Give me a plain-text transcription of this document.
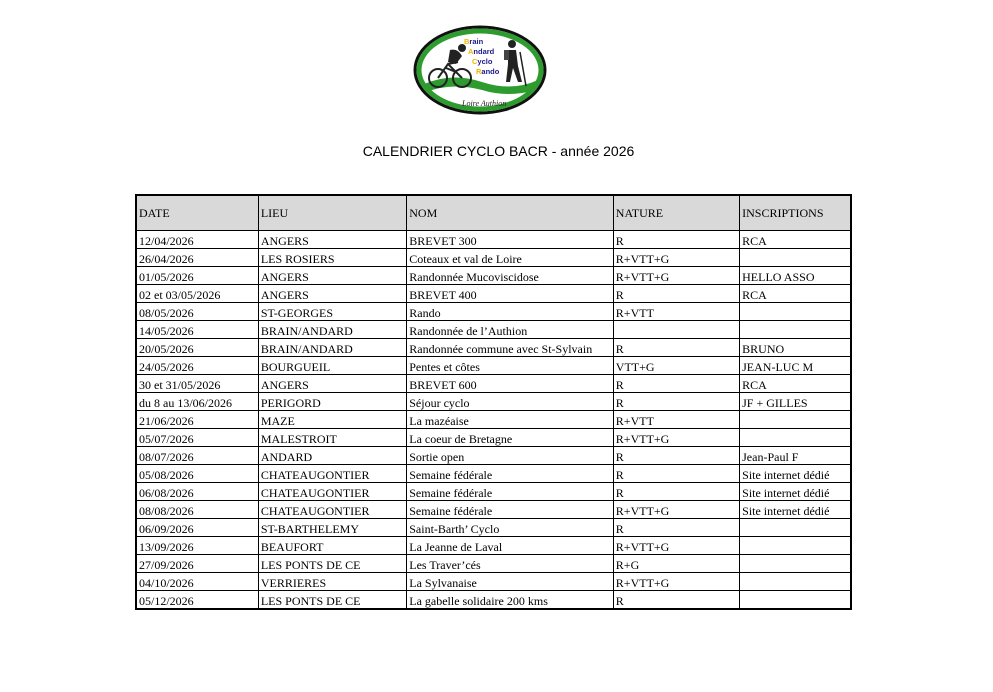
Brain
Andard
Cyclo
Rando
Loire Authion
CALENDRIER CYCLO BACR - année 2026
DATE	LIEU	NOM	NATURE	INSCRIPTIONS
12/04/2026	ANGERS	BREVET 300	R	RCA
26/04/2026	LES ROSIERS	Coteaux et val de Loire	R+VTT+G	
01/05/2026	ANGERS	Randonnée Mucoviscidose	R+VTT+G	HELLO ASSO
02 et 03/05/2026	ANGERS	BREVET 400	R	RCA
08/05/2026	ST-GEORGES	Rando	R+VTT	
14/05/2026	BRAIN/ANDARD	Randonnée de l’Authion		
20/05/2026	BRAIN/ANDARD	Randonnée commune avec St-Sylvain	R	BRUNO
24/05/2026	BOURGUEIL	Pentes et côtes	VTT+G	JEAN-LUC M
30 et 31/05/2026	ANGERS	BREVET 600	R	RCA
du 8 au 13/06/2026	PERIGORD	Séjour cyclo	R	JF + GILLES
21/06/2026	MAZE	La mazéaise	R+VTT	
05/07/2026	MALESTROIT	La coeur de Bretagne	R+VTT+G	
08/07/2026	ANDARD	Sortie open	R	Jean-Paul F
05/08/2026	CHATEAUGONTIER	Semaine fédérale	R	Site internet dédié
06/08/2026	CHATEAUGONTIER	Semaine fédérale	R	Site internet dédié
08/08/2026	CHATEAUGONTIER	Semaine fédérale	R+VTT+G	Site internet dédié
06/09/2026	ST-BARTHELEMY	Saint-Barth’ Cyclo	R	
13/09/2026	BEAUFORT	La Jeanne de Laval	R+VTT+G	
27/09/2026	LES PONTS DE CE	Les Traver’cés	R+G	
04/10/2026	VERRIERES	La Sylvanaise	R+VTT+G	
05/12/2026	LES PONTS DE CE	La gabelle solidaire 200 kms	R	
